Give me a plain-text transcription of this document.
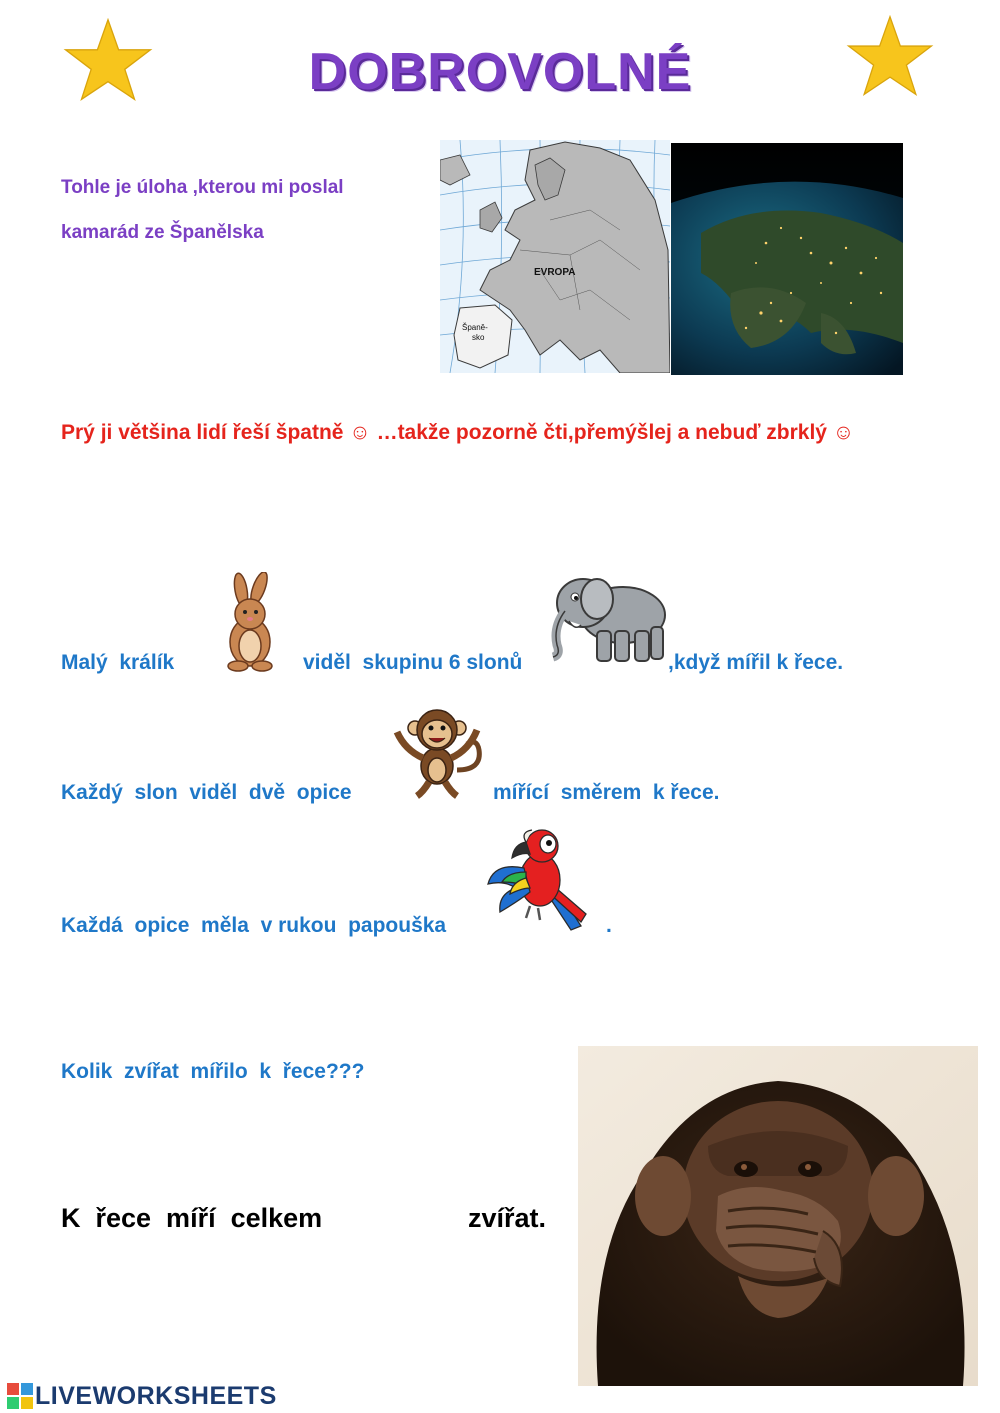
DOBROVOLNÉ
Tohle je úloha ,kterou mi poslal
kamarád ze Španělska
EVROPA
Španě-
sko
Prý ji většina lidí řeší špatně ☺ …takže pozorně čti,přemýšlej a nebuď zbrklý ☺
Malý  králík	viděl  skupinu 6 slonů	,když mířil k řece.
Každý  slon  viděl  dvě  opice	mířící  směrem  k řece.
Každá  opice  měla  v rukou  papouška	.
Kolik  zvířat  mířilo  k  řece???
K  řece  míří  celkem	zvířat.
LIVEWORKSHEETS
